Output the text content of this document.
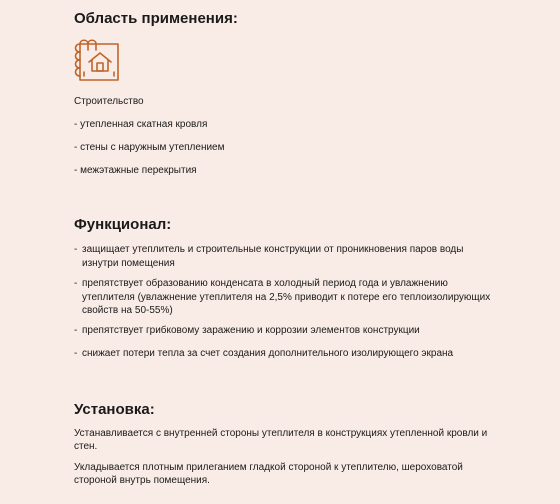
Область применения:

Строительство

- утепленная скатная кровля

- стены с наружным утеплением

- межэтажные перекрытия

Функционал:
- защищает утеплитель и строительные конструкции от проникновения паров воды изнутри помещения
- препятствует образованию конденсата в холодный период года и увлажнению утеплителя (увлажнение утеплителя на 2,5% приводит к потере его теплоизолирующих свойств на 50-55%)
- препятствует грибковому заражению и коррозии элементов конструкции
- снижает потери тепла за счет создания дополнительного изолирующего экрана
Установка:

Устанавливается с внутренней стороны утеплителя в конструкциях утепленной кровли и стен.

Укладывается плотным прилеганием гладкой стороной к утеплителю, шероховатой стороной внутрь помещения.
